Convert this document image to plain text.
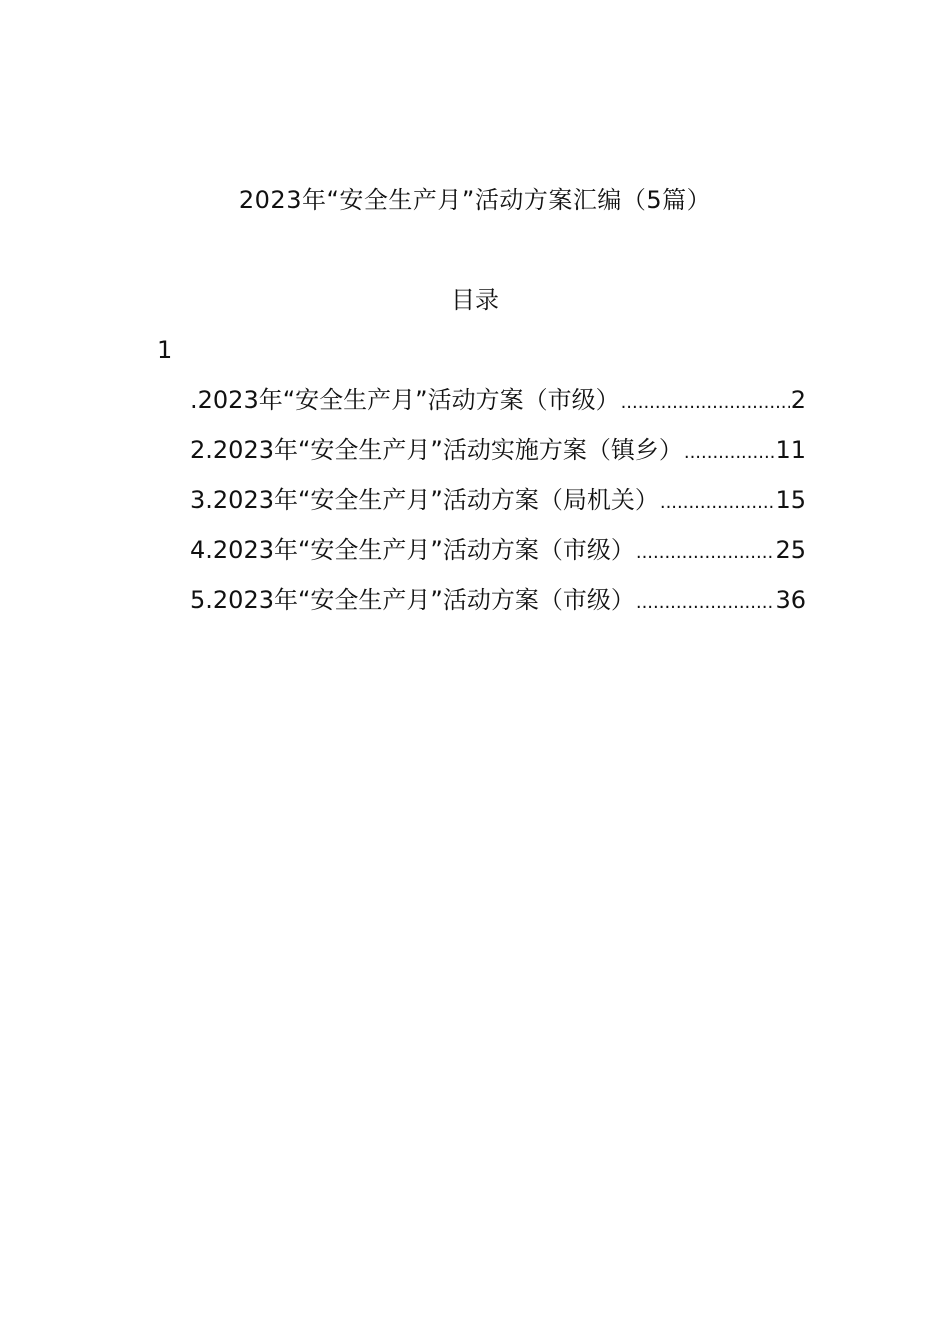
2023年“安全生产月”活动方案汇编（5篇）
目录
1
.2023年“安全生产月”活动方案（市级） .....	2
2.2023年“安全生产月”活动实施方案（镇乡） .....	11
3.2023年“安全生产月”活动方案（局机关） .....	15
4.2023年“安全生产月”活动方案（市级） .....	25
5.2023年“安全生产月”活动方案（市级） .....	36
